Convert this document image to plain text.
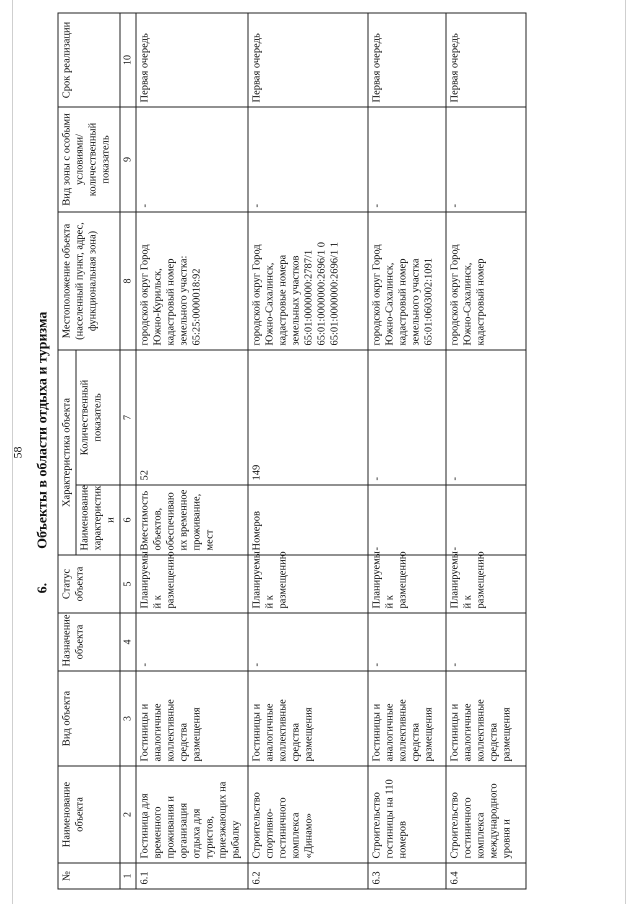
58
6.Объекты в области отдыха и туризма
№	Наименование объекта	Вид объекта	Назначение объекта	Статус объекта	Характеристика объекта		Местоположение объекта (населенный пункт, адрес, функциональная зона)	Вид зоны с особыми условиями/ количественный показатель	Срок реализации
					Наименование характеристик и	Количественный показатель			
1	2	3	4	5	6	7	8	9	10
6.1	Гостиница для временного проживания и организация отдыха для туристов, приезжающих на рыбалку	Гостиницы и аналогичные коллективные средства размещения	-	Планируемы й к размещению	Вместимость объектов, обеспечиваю их временное проживание, мест	52	городской округ Город Южно-Курильск, кадастровый номер земельного участка: 65:25:0000018:92	-	Первая очередь
6.2	Строительство спортивно-гостиничного комплекса «Динамо»	Гостиницы и аналогичные коллективные средства размещения	-	Планируемы й к размещению	Номеров	149	городской округ Город Южно-Сахалинск, кадастровые номера земельных участков 65:01:0000000:2787/1 65:01:0000000:2696/1 0 65:01:0000000:2696/1 1	-	Первая очередь
6.3	Строительство гостиницы на 110 номеров	Гостиницы и аналогичные коллективные средства размещения	-	Планируемы й к размещению	-	-	городской округ Город Южно-Сахалинск, кадастровый номер земельного участка 65:01:0603002:1091	-	Первая очередь
6.4	Строительство гостиничного комплекса международного уровня и	Гостиницы и аналогичные коллективные средства размещения	-	Планируемы й к размещению	-	-	городской округ Город Южно-Сахалинск, кадастровый номер	-	Первая очередь
